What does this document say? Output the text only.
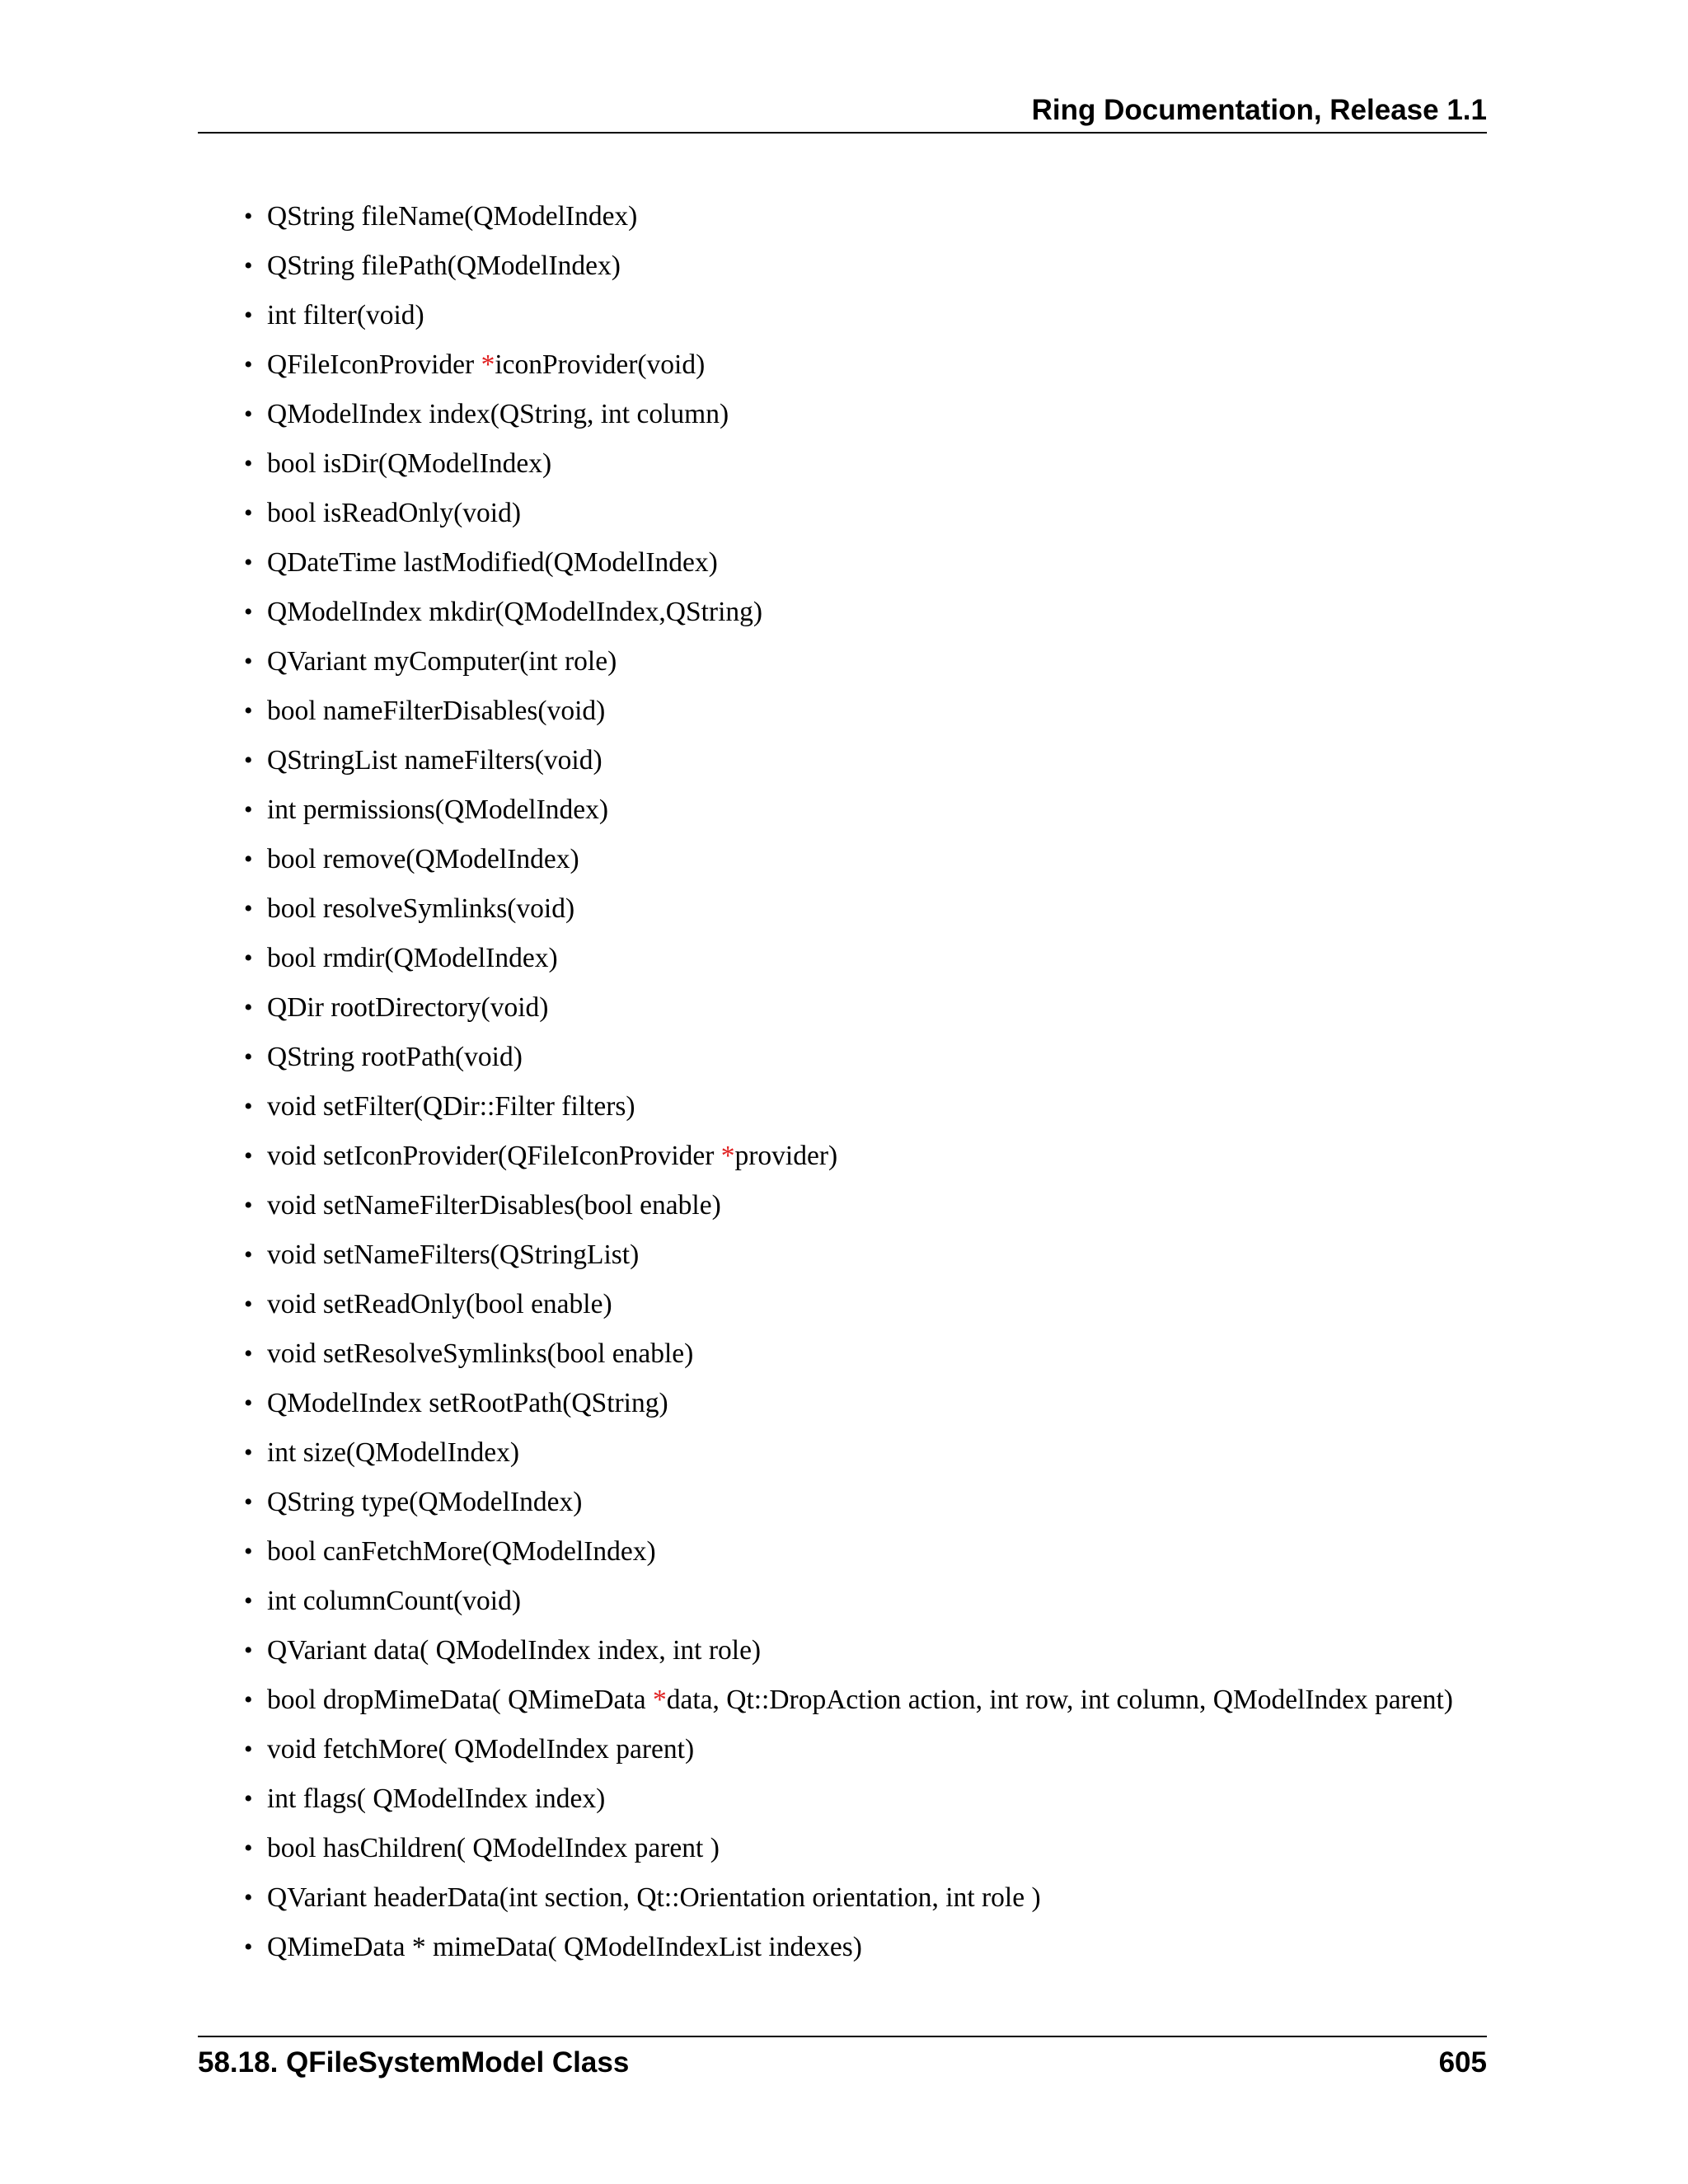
Ring Documentation, Release 1.1
• QString fileName(QModelIndex)
• QString filePath(QModelIndex)
• int filter(void)
• QFileIconProvider *iconProvider(void)
• QModelIndex index(QString, int column)
• bool isDir(QModelIndex)
• bool isReadOnly(void)
• QDateTime lastModified(QModelIndex)
• QModelIndex mkdir(QModelIndex,QString)
• QVariant myComputer(int role)
• bool nameFilterDisables(void)
• QStringList nameFilters(void)
• int permissions(QModelIndex)
• bool remove(QModelIndex)
• bool resolveSymlinks(void)
• bool rmdir(QModelIndex)
• QDir rootDirectory(void)
• QString rootPath(void)
• void setFilter(QDir::Filter filters)
• void setIconProvider(QFileIconProvider *provider)
• void setNameFilterDisables(bool enable)
• void setNameFilters(QStringList)
• void setReadOnly(bool enable)
• void setResolveSymlinks(bool enable)
• QModelIndex setRootPath(QString)
• int size(QModelIndex)
• QString type(QModelIndex)
• bool canFetchMore(QModelIndex)
• int columnCount(void)
• QVariant data( QModelIndex index, int role)
• bool dropMimeData( QMimeData *data, Qt::DropAction action, int row, int column, QModelIndex parent)
• void fetchMore( QModelIndex parent)
• int flags( QModelIndex index)
• bool hasChildren( QModelIndex parent )
• QVariant headerData(int section, Qt::Orientation orientation, int role )
• QMimeData * mimeData( QModelIndexList indexes)
58.18. QFileSystemModel Class	605
